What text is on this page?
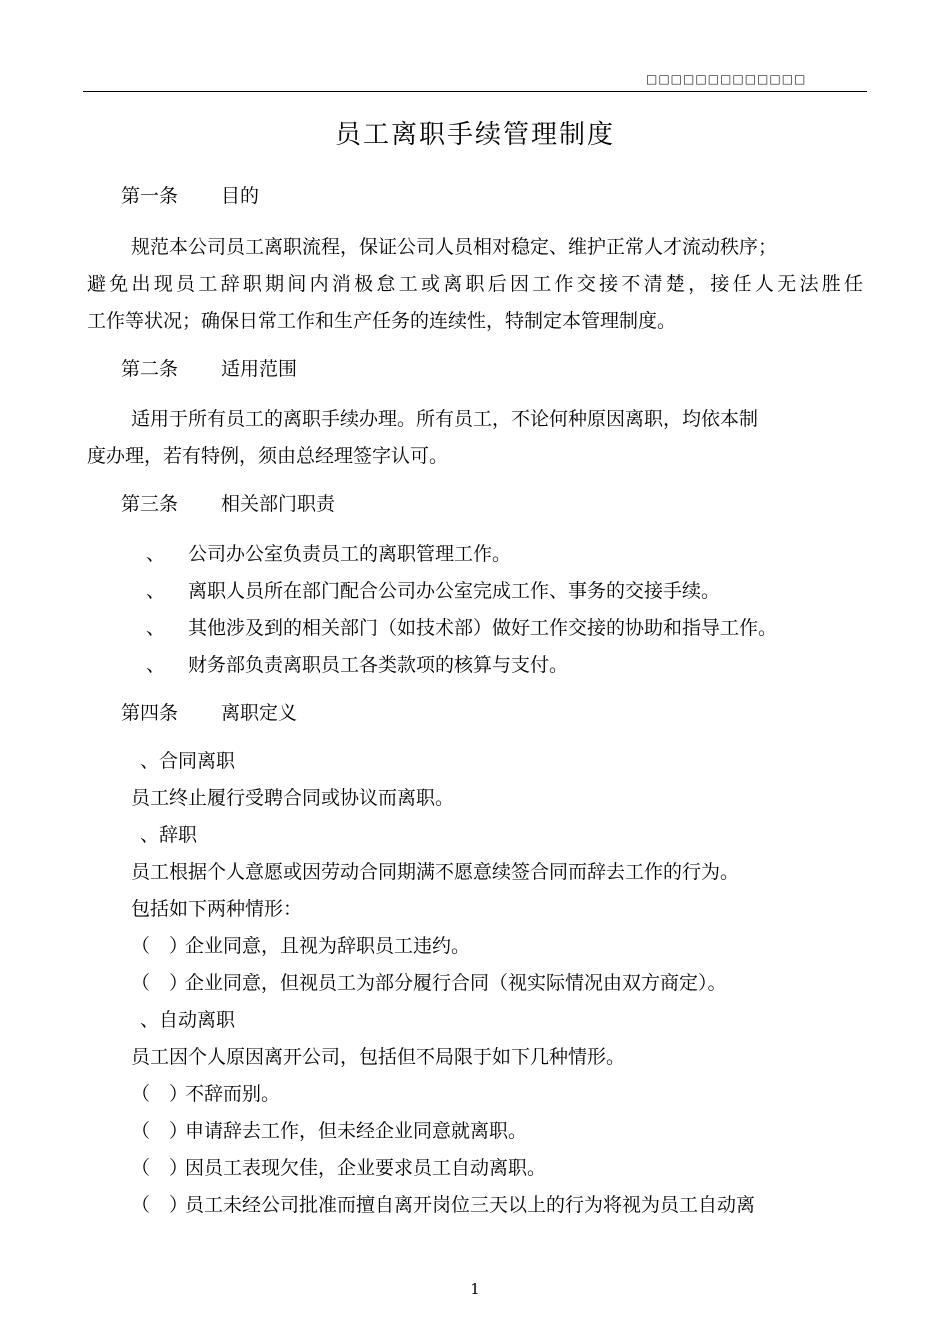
□□□□□□□□□□□□□
员工离职手续管理制度
第一条 目的
规范本公司员工离职流程，保证公司人员相对稳定、维护正常人才流动秩序；
避免出现员工辞职期间内消极怠工或离职后因工作交接不清楚，接任人无法胜任
工作等状况；确保日常工作和生产任务的连续性，特制定本管理制度。
第二条 适用范围
适用于所有员工的离职手续办理。所有员工，不论何种原因离职，均依本制
度办理，若有特例，须由总经理签字认可。
第三条 相关部门职责
、 公司办公室负责员工的离职管理工作。
、 离职人员所在部门配合公司办公室完成工作、事务的交接手续。
、 其他涉及到的相关部门（如技术部）做好工作交接的协助和指导工作。
、 财务部负责离职员工各类款项的核算与支付。
第四条 离职定义
、合同离职
员工终止履行受聘合同或协议而离职。
、辞职
员工根据个人意愿或因劳动合同期满不愿意续签合同而辞去工作的行为。
包括如下两种情形：
（　）企业同意，且视为辞职员工违约。
（　）企业同意，但视员工为部分履行合同（视实际情况由双方商定）。
、自动离职
员工因个人原因离开公司，包括但不局限于如下几种情形。
（　）不辞而别。
（　）申请辞去工作，但未经企业同意就离职。
（　）因员工表现欠佳，企业要求员工自动离职。
（　）员工未经公司批准而擅自离开岗位三天以上的行为将视为员工自动离
1
